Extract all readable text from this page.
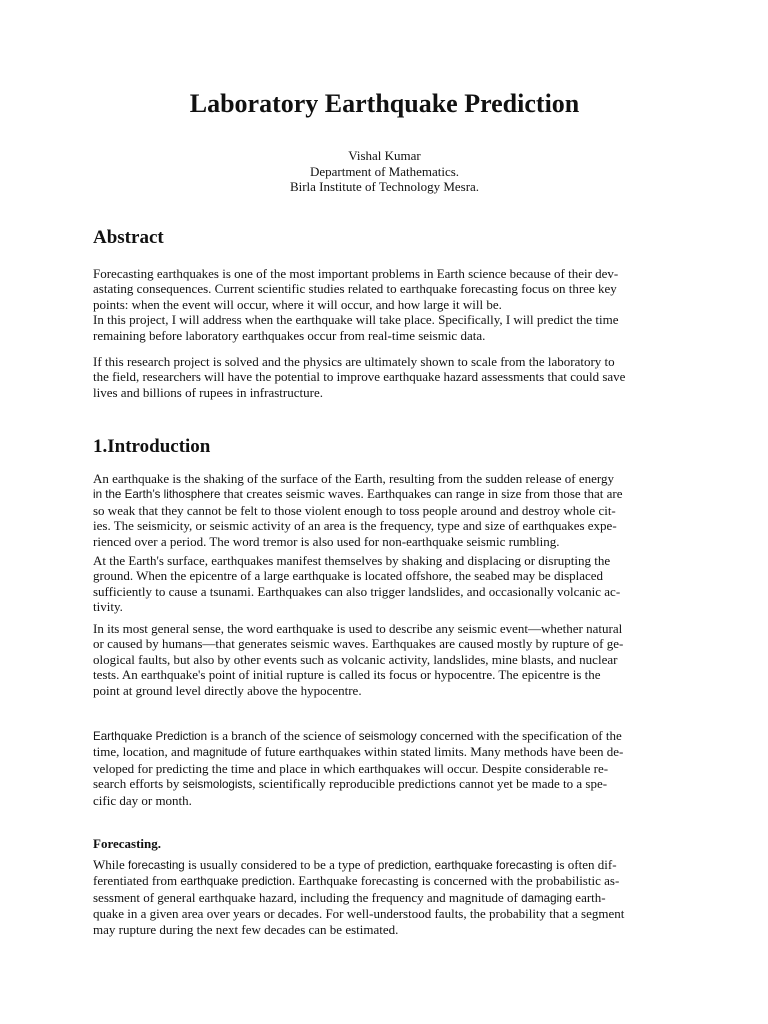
Laboratory Earthquake Prediction
Vishal Kumar
Department of Mathematics.
Birla Institute of Technology Mesra.
Abstract

Forecasting earthquakes is one of the most important problems in Earth science because of their dev-

astating consequences. Current scientific studies related to earthquake forecasting focus on three key

points: when the event will occur, where it will occur, and how large it will be.

In this project, I will address when the earthquake will take place. Specifically, I will predict the time

remaining before laboratory earthquakes occur from real-time seismic data.

If this research project is solved and the physics are ultimately shown to scale from the laboratory to

the field, researchers will have the potential to improve earthquake hazard assessments that could save

lives and billions of rupees in infrastructure.

1.Introduction

An earthquake is the shaking of the surface of the Earth, resulting from the sudden release of energy

in the Earth’s lithosphere that creates seismic waves. Earthquakes can range in size from those that are

so weak that they cannot be felt to those violent enough to toss people around and destroy whole cit-

ies. The seismicity, or seismic activity of an area is the frequency, type and size of earthquakes expe-

rienced over a period. The word tremor is also used for non-earthquake seismic rumbling.

At the Earth's surface, earthquakes manifest themselves by shaking and displacing or disrupting the

ground. When the epicentre of a large earthquake is located offshore, the seabed may be displaced

sufficiently to cause a tsunami. Earthquakes can also trigger landslides, and occasionally volcanic ac-

tivity.

In its most general sense, the word earthquake is used to describe any seismic event—whether natural

or caused by humans—that generates seismic waves. Earthquakes are caused mostly by rupture of ge-

ological faults, but also by other events such as volcanic activity, landslides, mine blasts, and nuclear

tests. An earthquake's point of initial rupture is called its focus or hypocentre. The epicentre is the

point at ground level directly above the hypocentre.

Earthquake Prediction is a branch of the science of seismology concerned with the specification of the

time, location, and magnitude of future earthquakes within stated limits. Many methods have been de-

veloped for predicting the time and place in which earthquakes will occur. Despite considerable re-

search efforts by seismologists, scientifically reproducible predictions cannot yet be made to a spe-

cific day or month.

Forecasting.

While forecasting is usually considered to be a type of prediction, earthquake forecasting is often dif-

ferentiated from earthquake prediction. Earthquake forecasting is concerned with the probabilistic as-

sessment of general earthquake hazard, including the frequency and magnitude of damaging earth-

quake in a given area over years or decades. For well-understood faults, the probability that a segment

may rupture during the next few decades can be estimated.
